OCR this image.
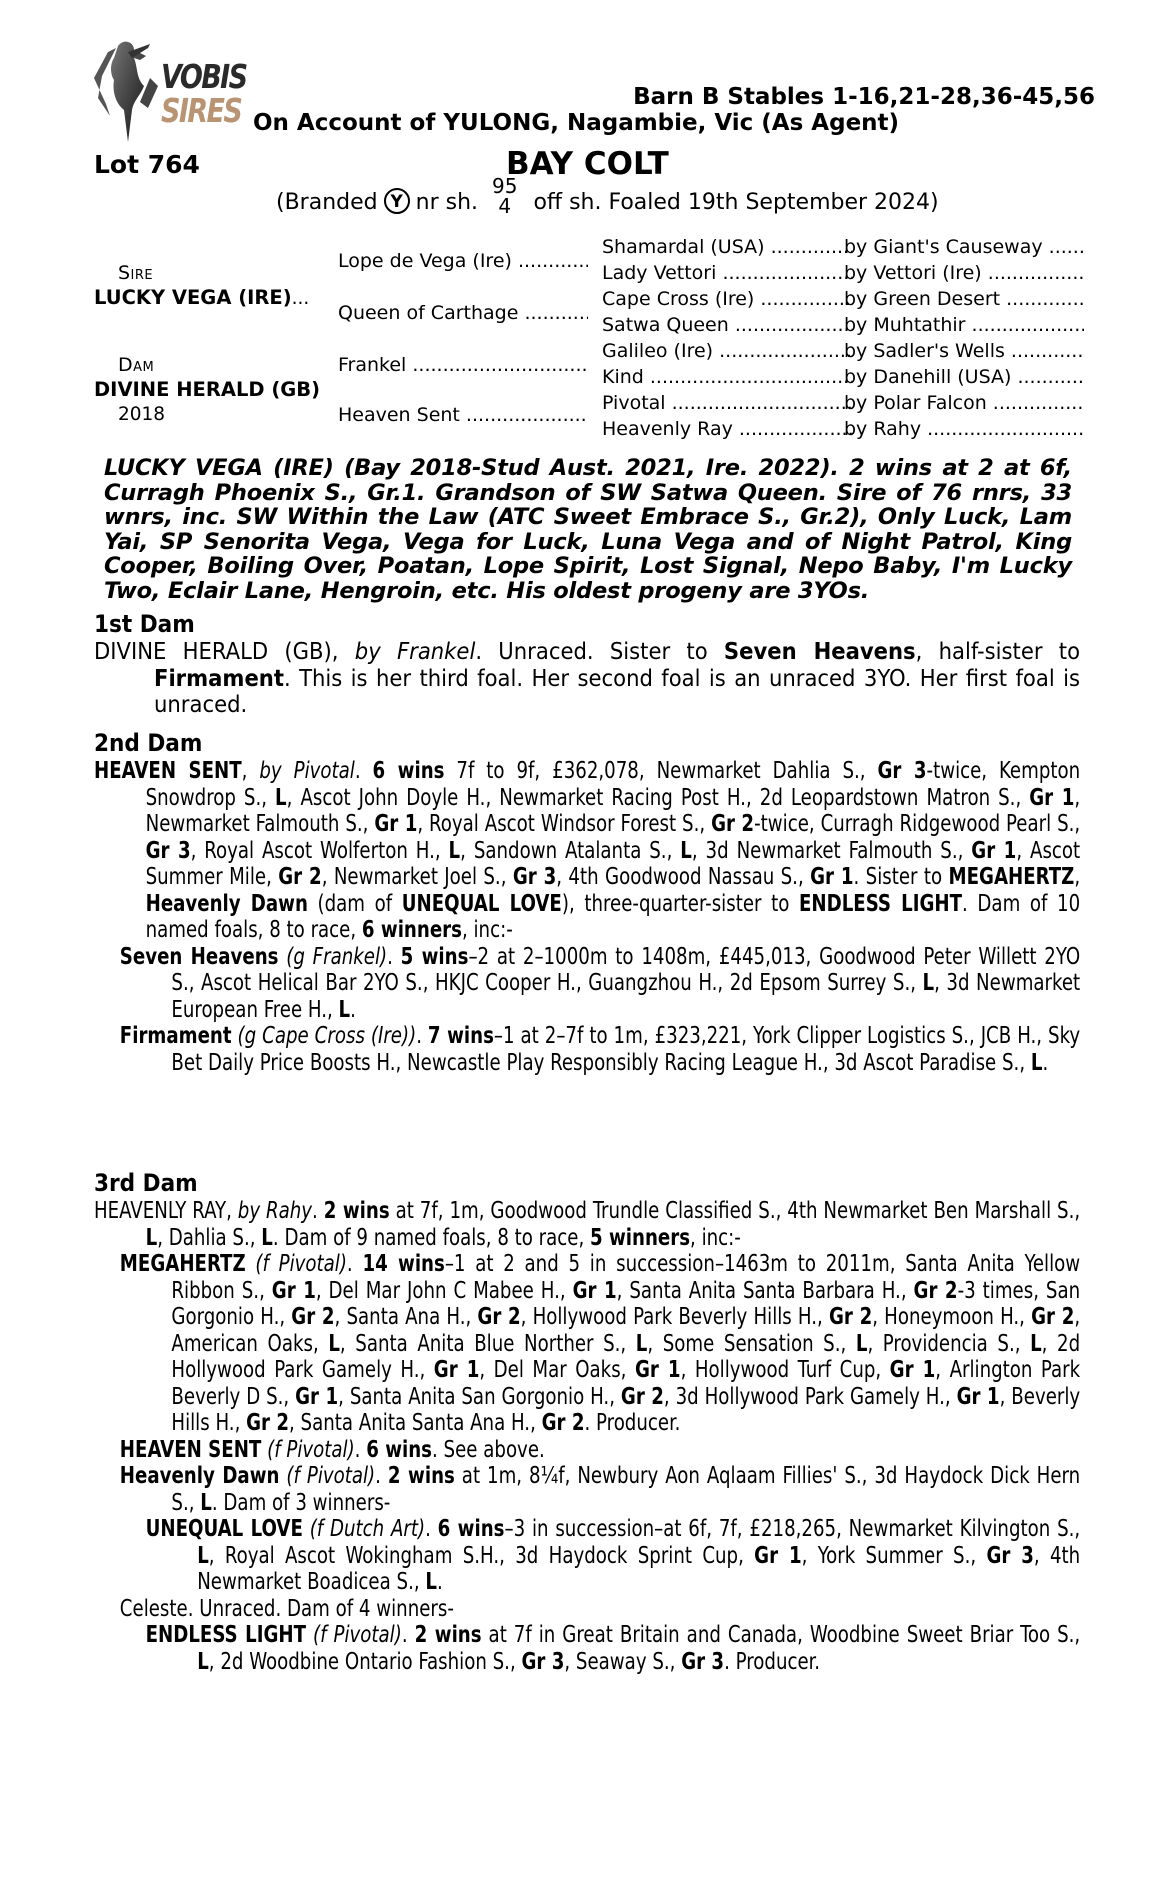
VOBIS
SIRES	Barn B Stables 1-16,21-28,36-45,56
On Account of YULONG, Nagambie, Vic (As Agent)
Lot 764	BAY COLT
(Branded Y nr sh.
95
4 off sh. Foaled 19th September 2024)
Sire
LUCKY VEGA (IRE)...
Dam
DIVINE HERALD (GB)
2018
Lope de Vega (Ire) .....
Queen of Carthage .....
Frankel .....
Heaven Sent .....
Shamardal (USA) .....
Lady Vettori .....
Cape Cross (Ire) .....
Satwa Queen .....
Galileo (Ire) .....
Kind .....
Pivotal .....
Heavenly Ray .....
by Giant's Causeway .....
by Vettori (Ire) .....
by Green Desert .....
by Muhtathir .....
by Sadler's Wells .....
by Danehill (USA) .....
by Polar Falcon .....
by Rahy .....
LUCKY VEGA (IRE) (Bay 2018-Stud Aust. 2021, Ire. 2022). 2 wins at 2 at 6f, Curragh Phoenix S., Gr.1. Grandson of SW Satwa Queen. Sire of 76 rnrs, 33 wnrs, inc. SW Within the Law (ATC Sweet Embrace S., Gr.2), Only Luck, Lam Yai, SP Senorita Vega, Vega for Luck, Luna Vega and of Night Patrol, King Cooper, Boiling Over, Poatan, Lope Spirit, Lost Signal, Nepo Baby, I'm Lucky Two, Eclair Lane, Hengroin, etc. His oldest progeny are 3YOs.
1st Dam
DIVINE HERALD (GB), by Frankel. Unraced. Sister to Seven Heavens, half-sister to Firmament. This is her third foal. Her second foal is an unraced 3YO. Her first foal is unraced.
2nd Dam
HEAVEN SENT, by Pivotal. 6 wins 7f to 9f, £362,078, Newmarket Dahlia S., Gr 3-twice, Kempton Snowdrop S., L, Ascot John Doyle H., Newmarket Racing Post H., 2d Leopardstown Matron S., Gr 1, Newmarket Falmouth S., Gr 1, Royal Ascot Windsor Forest S., Gr 2-twice, Curragh Ridgewood Pearl S., Gr 3, Royal Ascot Wolferton H., L, Sandown Atalanta S., L, 3d Newmarket Falmouth S., Gr 1, Ascot Summer Mile, Gr 2, Newmarket Joel S., Gr 3, 4th Goodwood Nassau S., Gr 1. Sister to MEGAHERTZ, Heavenly Dawn (dam of UNEQUAL LOVE), three-quarter-sister to ENDLESS LIGHT. Dam of 10 named foals, 8 to race, 6 winners, inc:-
Seven Heavens (g Frankel). 5 wins–2 at 2–1000m to 1408m, £445,013, Goodwood Peter Willett 2YO S., Ascot Helical Bar 2YO S., HKJC Cooper H., Guangzhou H., 2d Epsom Surrey S., L, 3d Newmarket European Free H., L.
Firmament (g Cape Cross (Ire)). 7 wins–1 at 2–7f to 1m, £323,221, York Clipper Logistics S., JCB H., Sky Bet Daily Price Boosts H., Newcastle Play Responsibly Racing League H., 3d Ascot Paradise S., L.
3rd Dam
HEAVENLY RAY, by Rahy. 2 wins at 7f, 1m, Goodwood Trundle Classified S., 4th Newmarket Ben Marshall S., L, Dahlia S., L. Dam of 9 named foals, 8 to race, 5 winners, inc:-
MEGAHERTZ (f Pivotal). 14 wins–1 at 2 and 5 in succession–1463m to 2011m, Santa Anita Yellow Ribbon S., Gr 1, Del Mar John C Mabee H., Gr 1, Santa Anita Santa Barbara H., Gr 2-3 times, San Gorgonio H., Gr 2, Santa Ana H., Gr 2, Hollywood Park Beverly Hills H., Gr 2, Honeymoon H., Gr 2, American Oaks, L, Santa Anita Blue Norther S., L, Some Sensation S., L, Providencia S., L, 2d Hollywood Park Gamely H., Gr 1, Del Mar Oaks, Gr 1, Hollywood Turf Cup, Gr 1, Arlington Park Beverly D S., Gr 1, Santa Anita San Gorgonio H., Gr 2, 3d Hollywood Park Gamely H., Gr 1, Beverly Hills H., Gr 2, Santa Anita Santa Ana H., Gr 2. Producer.
HEAVEN SENT (f Pivotal). 6 wins. See above.
Heavenly Dawn (f Pivotal). 2 wins at 1m, 8¼f, Newbury Aon Aqlaam Fillies' S., 3d Haydock Dick Hern S., L. Dam of 3 winners-
UNEQUAL LOVE (f Dutch Art). 6 wins–3 in succession–at 6f, 7f, £218,265, Newmarket Kilvington S., L, Royal Ascot Wokingham S.H., 3d Haydock Sprint Cup, Gr 1, York Summer S., Gr 3, 4th Newmarket Boadicea S., L.
Celeste. Unraced. Dam of 4 winners-
ENDLESS LIGHT (f Pivotal). 2 wins at 7f in Great Britain and Canada, Woodbine Sweet Briar Too S., L, 2d Woodbine Ontario Fashion S., Gr 3, Seaway S., Gr 3. Producer.
